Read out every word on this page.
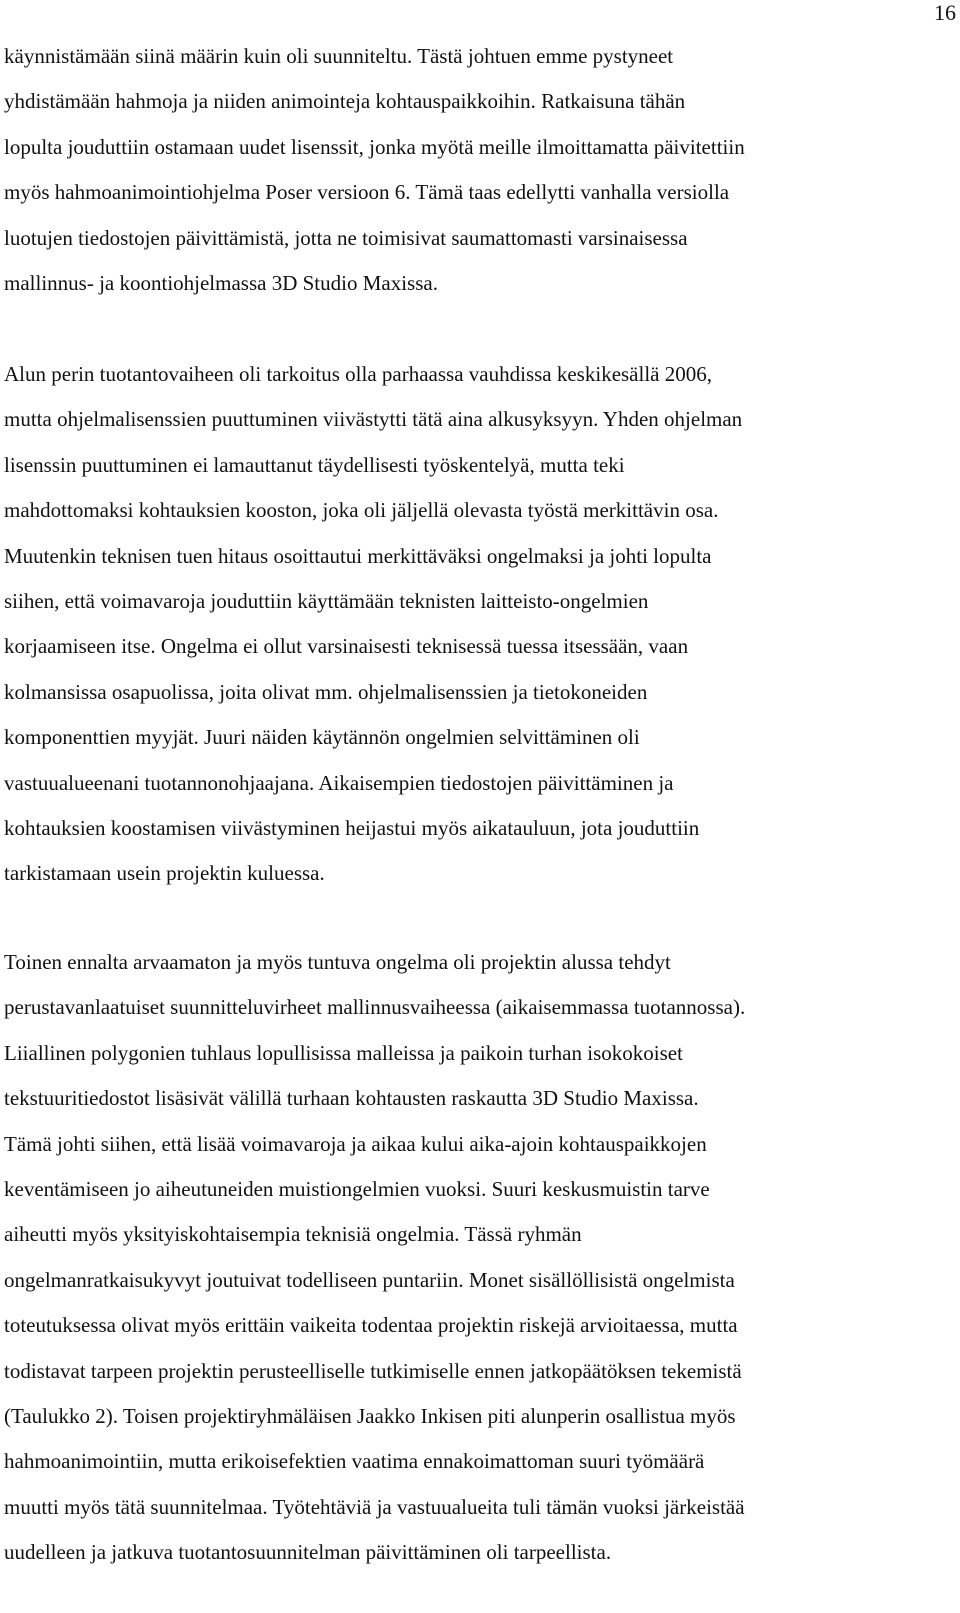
16
käynnistämään siinä määrin kuin oli suunniteltu. Tästä johtuen emme pystyneet
yhdistämään hahmoja ja niiden animointeja kohtauspaikkoihin. Ratkaisuna tähän
lopulta jouduttiin ostamaan uudet lisenssit, jonka myötä meille ilmoittamatta päivitettiin
myös hahmoanimointiohjelma Poser versioon 6. Tämä taas edellytti vanhalla versiolla
luotujen tiedostojen päivittämistä, jotta ne toimisivat saumattomasti varsinaisessa
mallinnus- ja koontiohjelmassa 3D Studio Maxissa.
Alun perin tuotantovaiheen oli tarkoitus olla parhaassa vauhdissa keskikesällä 2006,
mutta ohjelmalisenssien puuttuminen viivästytti tätä aina alkusyksyyn. Yhden ohjelman
lisenssin puuttuminen ei lamauttanut täydellisesti työskentelyä, mutta teki
mahdottomaksi kohtauksien kooston, joka oli jäljellä olevasta työstä merkittävin osa.
Muutenkin teknisen tuen hitaus osoittautui merkittäväksi ongelmaksi ja johti lopulta
siihen, että voimavaroja jouduttiin käyttämään teknisten laitteisto-ongelmien
korjaamiseen itse. Ongelma ei ollut varsinaisesti teknisessä tuessa itsessään, vaan
kolmansissa osapuolissa, joita olivat mm. ohjelmalisenssien ja tietokoneiden
komponenttien myyjät. Juuri näiden käytännön ongelmien selvittäminen oli
vastuualueenani tuotannonohjaajana. Aikaisempien tiedostojen päivittäminen ja
kohtauksien koostamisen viivästyminen heijastui myös aikatauluun, jota jouduttiin
tarkistamaan usein projektin kuluessa.
Toinen ennalta arvaamaton ja myös tuntuva ongelma oli projektin alussa tehdyt
perustavanlaatuiset suunnitteluvirheet mallinnusvaiheessa (aikaisemmassa tuotannossa).
Liiallinen polygonien tuhlaus lopullisissa malleissa ja paikoin turhan isokokoiset
tekstuuritiedostot lisäsivät välillä turhaan kohtausten raskautta 3D Studio Maxissa.
Tämä johti siihen, että lisää voimavaroja ja aikaa kului aika-ajoin kohtauspaikkojen
keventämiseen jo aiheutuneiden muistiongelmien vuoksi. Suuri keskusmuistin tarve
aiheutti myös yksityiskohtaisempia teknisiä ongelmia. Tässä ryhmän
ongelmanratkaisukyvyt joutuivat todelliseen puntariin. Monet sisällöllisistä ongelmista
toteutuksessa olivat myös erittäin vaikeita todentaa projektin riskejä arvioitaessa, mutta
todistavat tarpeen projektin perusteelliselle tutkimiselle ennen jatkopäätöksen tekemistä
(Taulukko 2). Toisen projektiryhmäläisen Jaakko Inkisen piti alunperin osallistua myös
hahmoanimointiin, mutta erikoisefektien vaatima ennakoimattoman suuri työmäärä
muutti myös tätä suunnitelmaa. Työtehtäviä ja vastuualueita tuli tämän vuoksi järkeistää
uudelleen ja jatkuva tuotantosuunnitelman päivittäminen oli tarpeellista.
